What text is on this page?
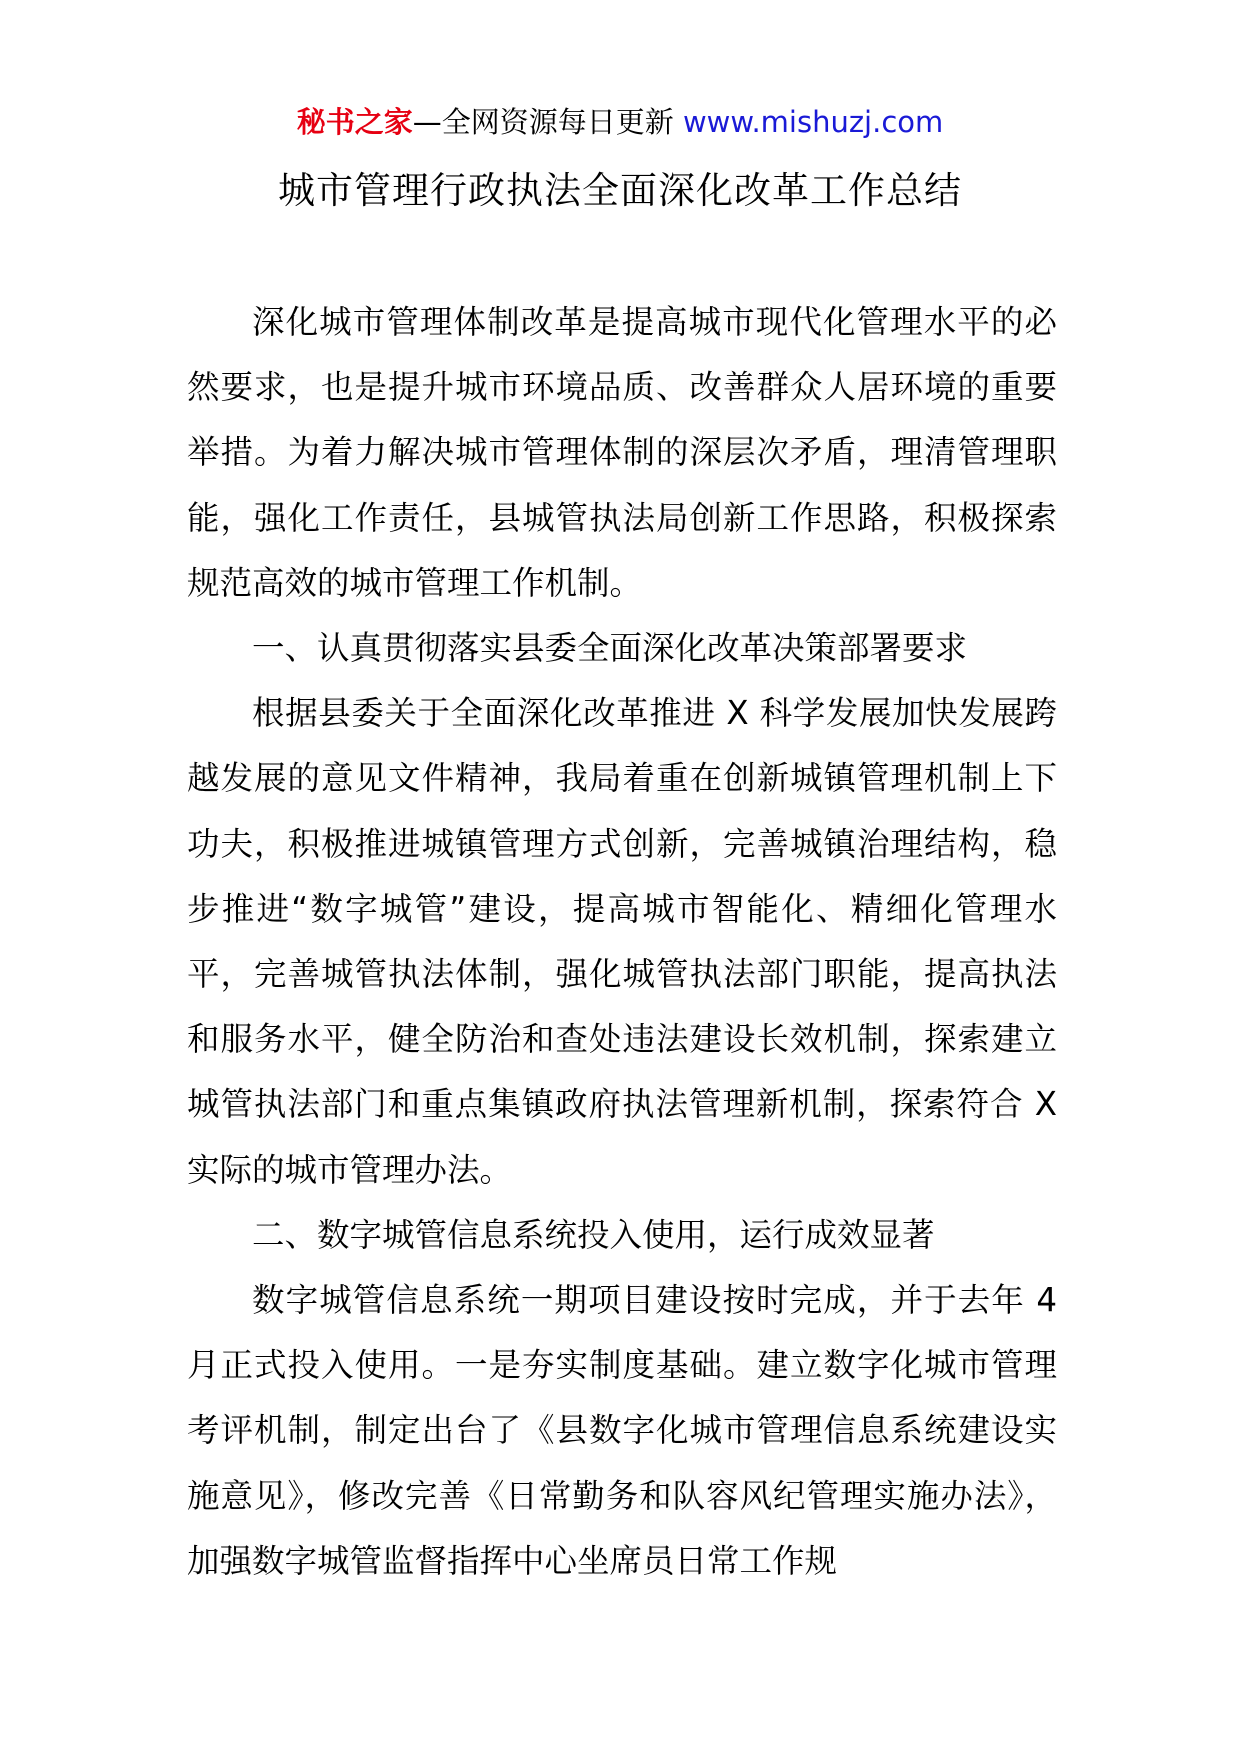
秘书之家—全网资源每日更新 www.mishuzj.com
城市管理行政执法全面深化改革工作总结

深化城市管理体制改革是提高城市现代化管理水平的必然要求，也是提升城市环境品质、改善群众人居环境的重要举措。为着力解决城市管理体制的深层次矛盾，理清管理职能，强化工作责任，县城管执法局创新工作思路，积极探索规范高效的城市管理工作机制。

一、认真贯彻落实县委全面深化改革决策部署要求

根据县委关于全面深化改革推进 X 科学发展加快发展跨越发展的意见文件精神，我局着重在创新城镇管理机制上下功夫，积极推进城镇管理方式创新，完善城镇治理结构，稳步推进“数字城管”建设，提高城市智能化、精细化管理水平，完善城管执法体制，强化城管执法部门职能，提高执法和服务水平，健全防治和查处违法建设长效机制，探索建立城管执法部门和重点集镇政府执法管理新机制，探索符合 X 实际的城市管理办法。

二、数字城管信息系统投入使用，运行成效显著

数字城管信息系统一期项目建设按时完成，并于去年 4 月正式投入使用。一是夯实制度基础。建立数字化城市管理考评机制，制定出台了《县数字化城市管理信息系统建设实施意见》，修改完善《日常勤务和队容风纪管理实施办法》，加强数字城管监督指挥中心坐席员日常工作规
